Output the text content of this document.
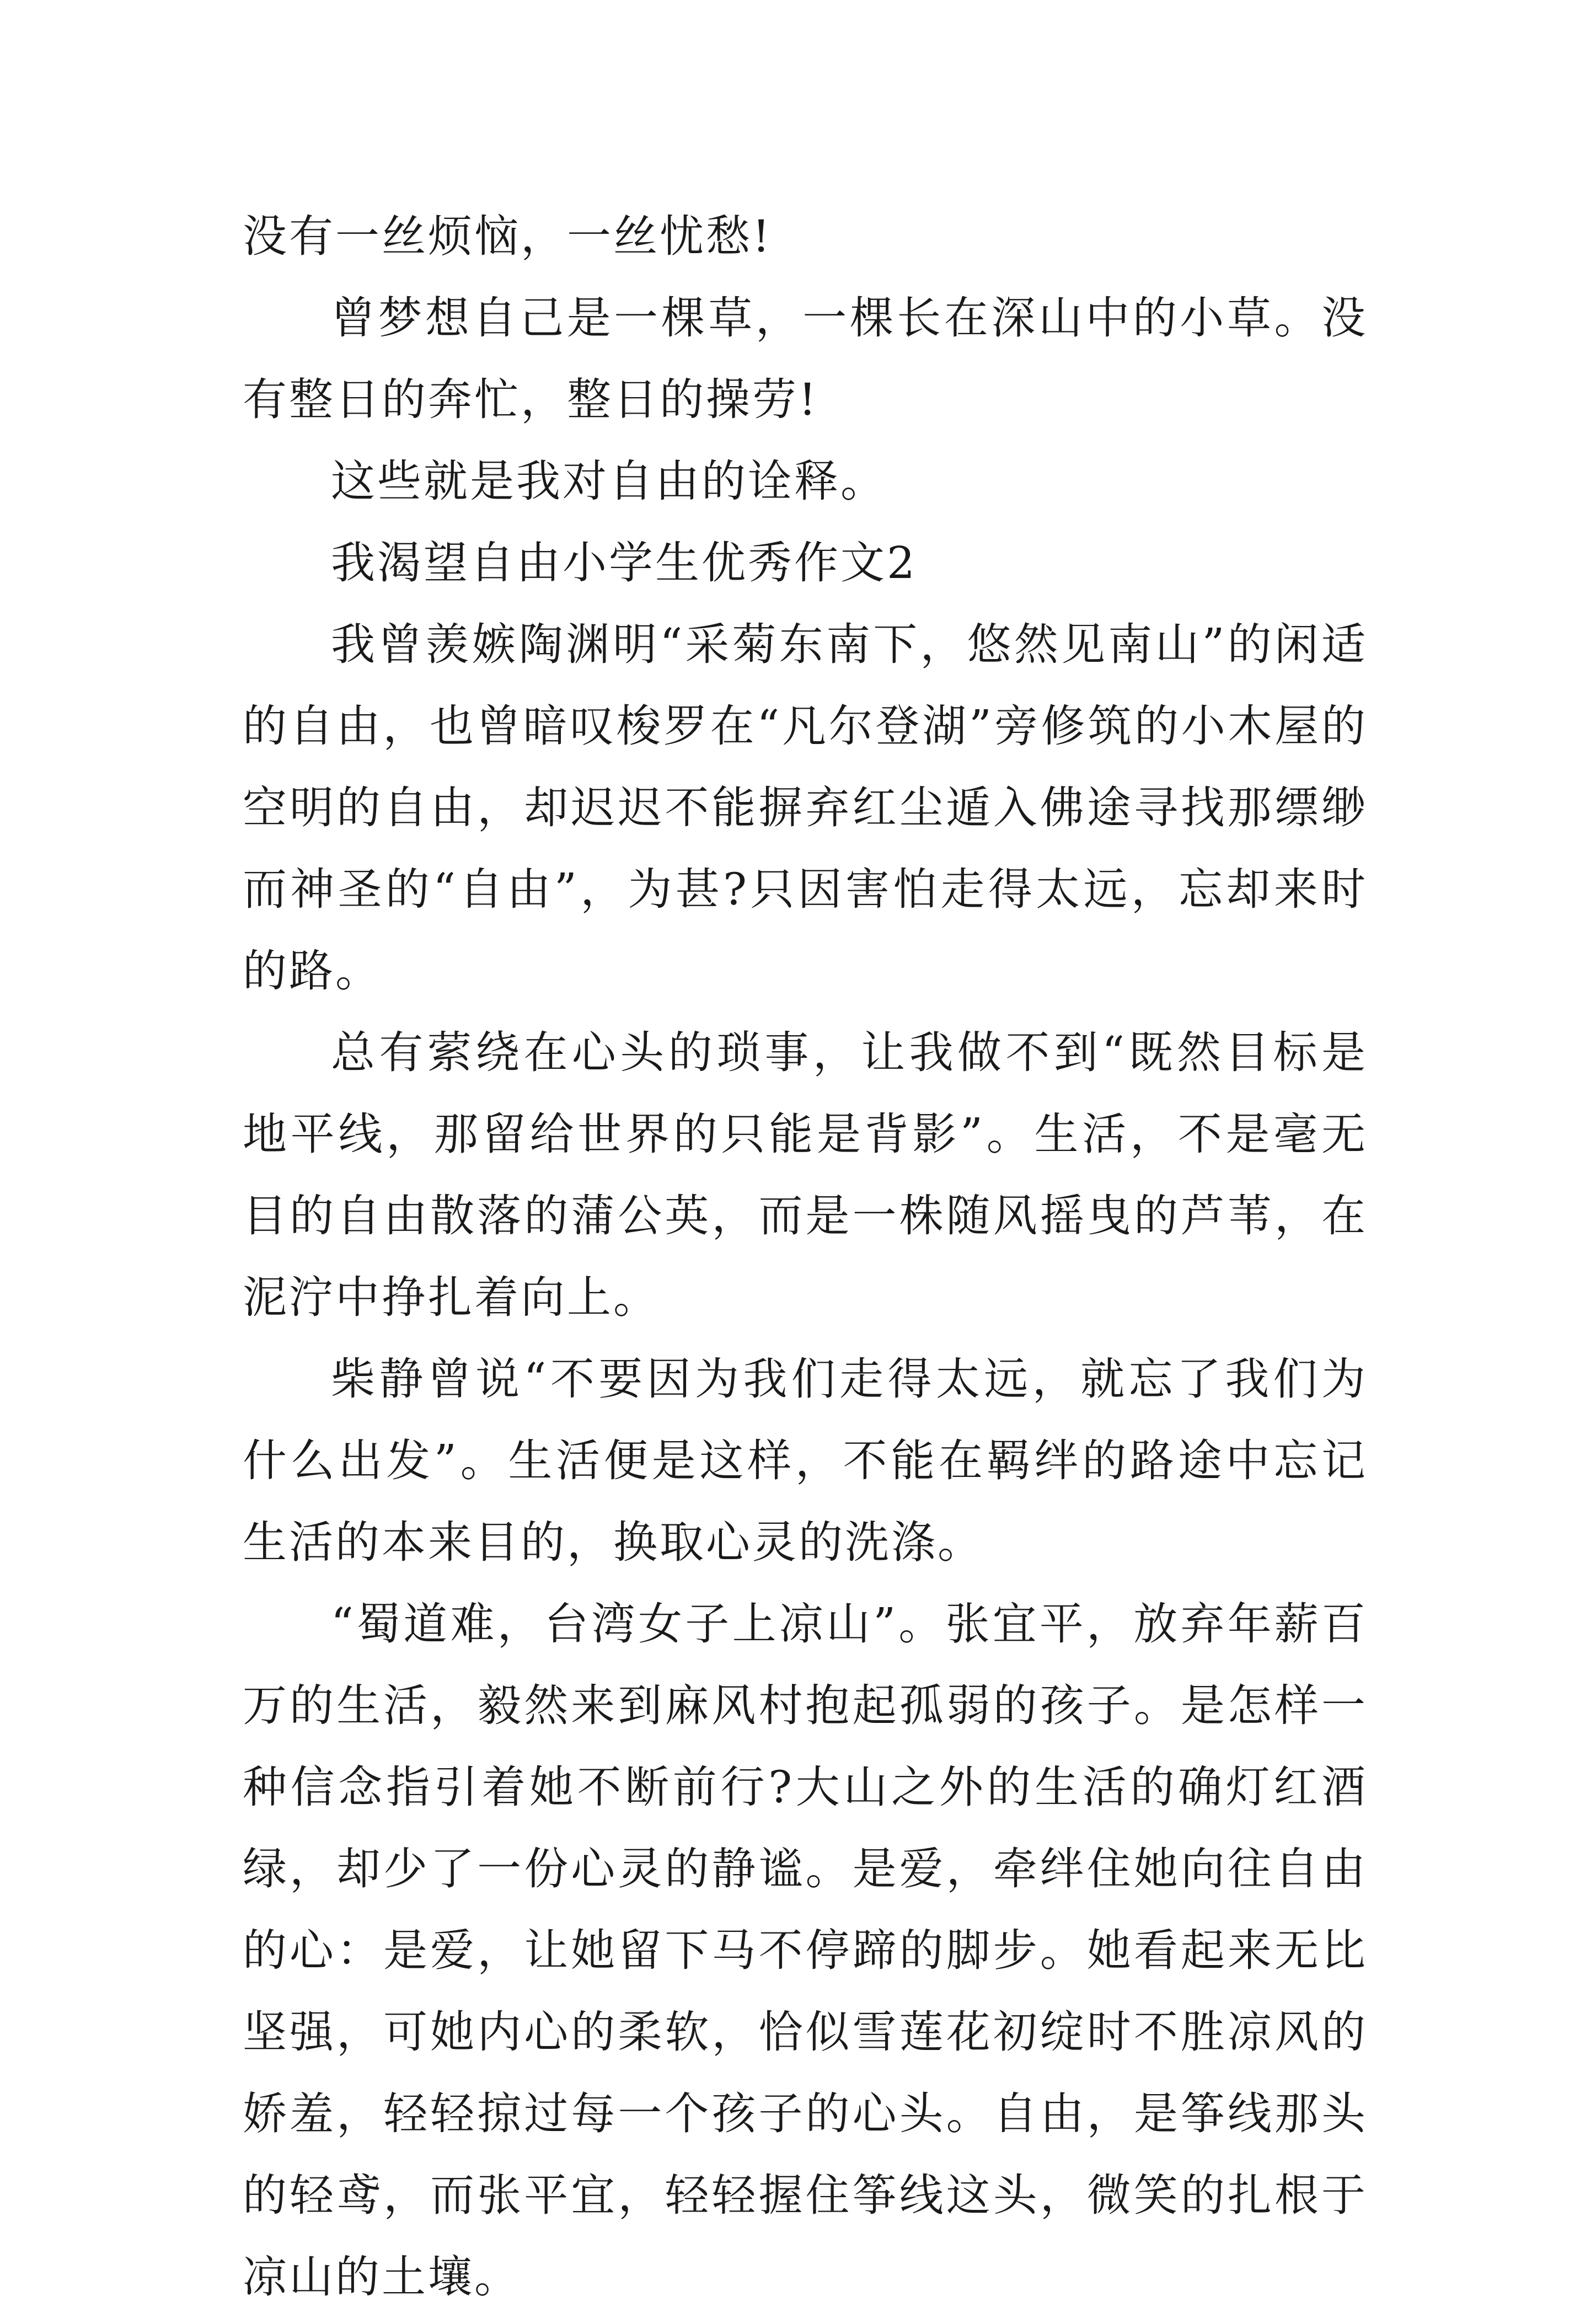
没有一丝烦恼，一丝忧愁!

曾梦想自己是一棵草，一棵长在深山中的小草。没有整日的奔忙，整日的操劳!

这些就是我对自由的诠释。

我渴望自由小学生优秀作文2

我曾羡嫉陶渊明“采菊东南下，悠然见南山”的闲适的自由，也曾暗叹梭罗在“凡尔登湖”旁修筑的小木屋的空明的自由，却迟迟不能摒弃红尘遁入佛途寻找那缥缈而神圣的“自由”，为甚?只因害怕走得太远，忘却来时的路。

总有萦绕在心头的琐事，让我做不到“既然目标是地平线，那留给世界的只能是背影”。生活，不是毫无目的自由散落的蒲公英，而是一株随风摇曳的芦苇，在泥泞中挣扎着向上。

柴静曾说“不要因为我们走得太远，就忘了我们为什么出发”。生活便是这样，不能在羁绊的路途中忘记生活的本来目的，换取心灵的洗涤。

“蜀道难，台湾女子上凉山”。张宜平，放弃年薪百万的生活，毅然来到麻风村抱起孤弱的孩子。是怎样一种信念指引着她不断前行?大山之外的生活的确灯红酒绿，却少了一份心灵的静谧。是爱，牵绊住她向往自由的心：是爱，让她留下马不停蹄的脚步。她看起来无比坚强，可她内心的柔软，恰似雪莲花初绽时不胜凉风的娇羞，轻轻掠过每一个孩子的心头。自由，是筝线那头的轻鸢，而张平宜，轻轻握住筝线这头，微笑的扎根于凉山的土壤。
